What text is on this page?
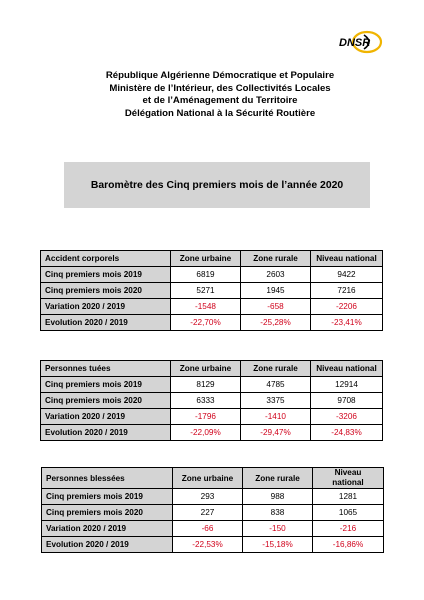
DNSR
République Algérienne Démocratique et Populaire
Ministère de l’Intérieur, des Collectivités Locales
et de l’Aménagement du Territoire
Délégation National à la Sécurité Routière
Baromètre des Cinq premiers mois de l’année 2020
Accident corporels	Zone urbaine	Zone rurale	Niveau national
Cinq premiers mois 2019	6819	2603	9422
Cinq premiers mois 2020	5271	1945	7216
Variation 2020 / 2019	-1548	-658	-2206
Evolution 2020 / 2019	-22,70%	-25,28%	-23,41%
Personnes tuées	Zone urbaine	Zone rurale	Niveau national
Cinq premiers mois 2019	8129	4785	12914
Cinq premiers mois 2020	6333	3375	9708
Variation 2020 / 2019	-1796	-1410	-3206
Evolution 2020 / 2019	-22,09%	-29,47%	-24,83%
Personnes blessées	Zone urbaine	Zone rurale	Niveau national
Cinq premiers mois 2019	293	988	1281
Cinq premiers mois 2020	227	838	1065
Variation 2020 / 2019	-66	-150	-216
Evolution 2020 / 2019	-22,53%	-15,18%	-16,86%
